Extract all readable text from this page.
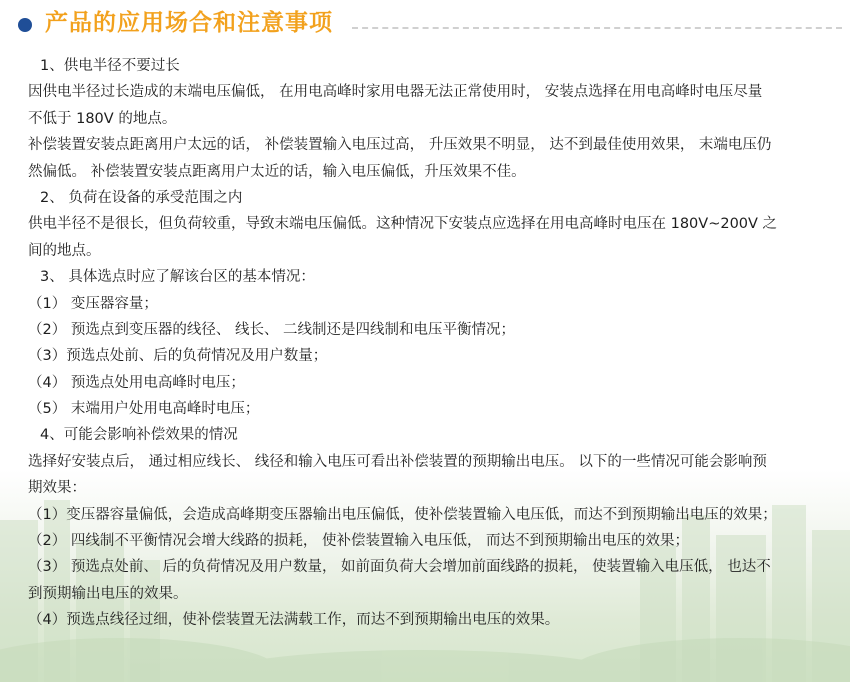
产品的应用场合和注意事项
1、供电半径不要过长
因供电半径过长造成的末端电压偏低， 在用电高峰时家用电器无法正常使用时， 安装点选择在用电高峰时电压尽量
不低于 180V 的地点。
补偿装置安装点距离用户太远的话， 补偿装置输入电压过高， 升压效果不明显， 达不到最佳使用效果， 末端电压仍
然偏低。 补偿装置安装点距离用户太近的话，输入电压偏低，升压效果不佳。
2、 负荷在设备的承受范围之内
供电半径不是很长，但负荷较重，导致末端电压偏低。这种情况下安装点应选择在用电高峰时电压在 180V~200V 之
间的地点。
3、 具体选点时应了解该台区的基本情况：
（1） 变压器容量；
（2） 预选点到变压器的线径、 线长、 二线制还是四线制和电压平衡情况；
（3）预选点处前、后的负荷情况及用户数量；
（4） 预选点处用电高峰时电压；
（5） 末端用户处用电高峰时电压；
4、可能会影响补偿效果的情况
选择好安装点后， 通过相应线长、 线径和输入电压可看出补偿装置的预期输出电压。 以下的一些情况可能会影响预
期效果：
（1）变压器容量偏低，会造成高峰期变压器输出电压偏低，使补偿装置输入电压低，而达不到预期输出电压的效果；
（2） 四线制不平衡情况会增大线路的损耗， 使补偿装置输入电压低， 而达不到预期输出电压的效果；
（3） 预选点处前、 后的负荷情况及用户数量， 如前面负荷大会增加前面线路的损耗， 使装置输入电压低， 也达不
到预期输出电压的效果。
（4）预选点线径过细，使补偿装置无法满载工作，而达不到预期输出电压的效果。
